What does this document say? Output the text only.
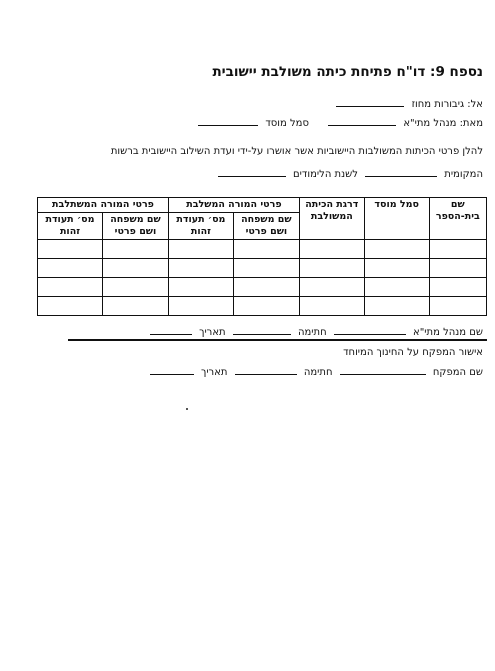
נספח 9: דו"ח פתיחת כיתה משולבת יישובית
אל: גיבורות מחוז
מאת: מנהל מתי"א  סמל מוסד
להלן פרטי הכיתות המשולבות היישוביות אשר אושרו על-ידי ועדת השילוב היישובית ברשות
המקומית  לשנת הלימודים
שם בית-הספר	סמל מוסד	דרגת הכיתה המשולבת	פרטי המורה המשלבת		פרטי המורה המשתלבת	
			שם משפחה ושם פרטי	מס׳ תעודת זהות	שם משפחה ושם פרטי	מס׳ תעודת זהות

שם מנהל מתי"א  חתימה  תאריך
אישור המפקח על החינוך המיוחד
שם המפקח  חתימה  תאריך
